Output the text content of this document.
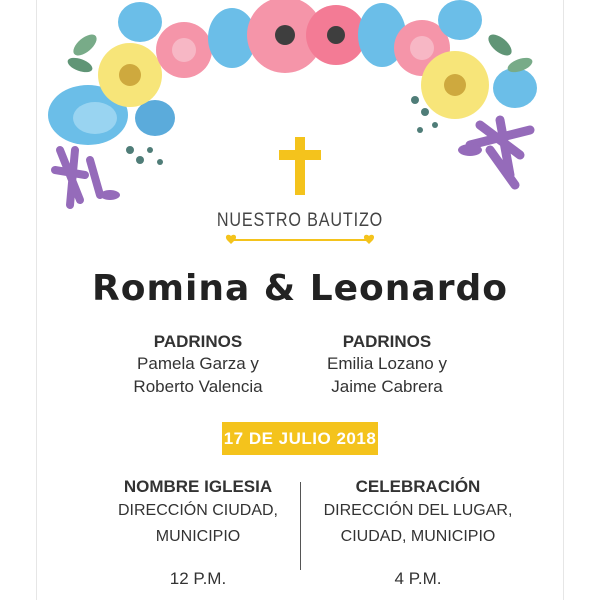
NUESTRO BAUTIZO
Romina & Leonardo
PADRINOS
Pamela Garza y
Roberto Valencia
PADRINOS
Emilia Lozano y
Jaime Cabrera
17 DE JULIO 2018
NOMBRE IGLESIA
DIRECCIÓN CIUDAD,
MUNICIPIO
12 P.M.
CELEBRACIÓN
DIRECCIÓN DEL LUGAR,
CIUDAD, MUNICIPIO
4 P.M.
